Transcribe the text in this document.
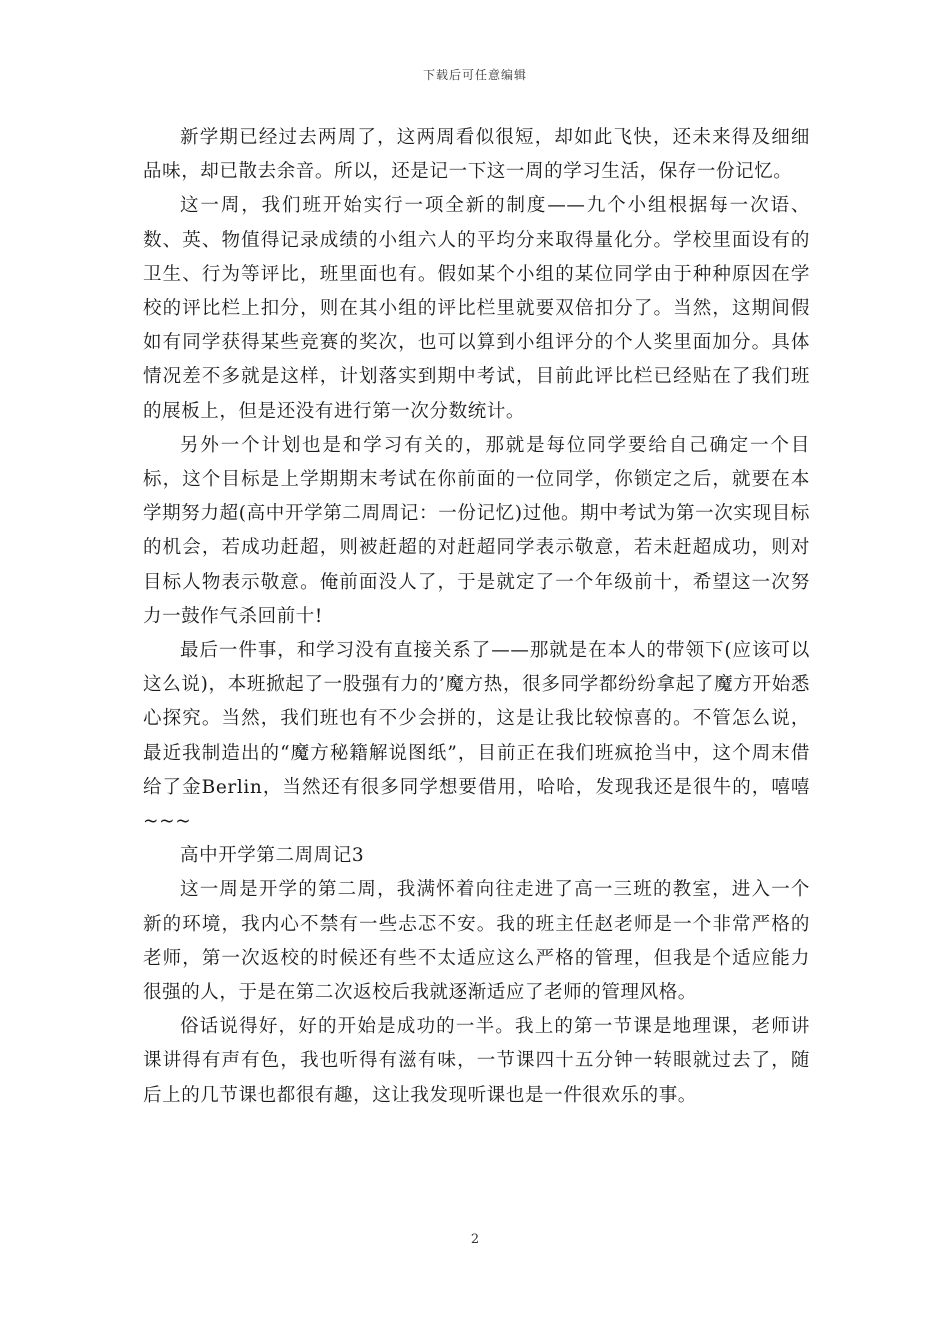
下载后可任意编辑

新学期已经过去两周了，这两周看似很短，却如此飞快，还未来得及细细品味，却已散去余音。所以，还是记一下这一周的学习生活，保存一份记忆。

这一周，我们班开始实行一项全新的制度——九个小组根据每一次语、数、英、物值得记录成绩的小组六人的平均分来取得量化分。学校里面设有的卫生、行为等评比，班里面也有。假如某个小组的某位同学由于种种原因在学校的评比栏上扣分，则在其小组的评比栏里就要双倍扣分了。当然，这期间假如有同学获得某些竞赛的奖次，也可以算到小组评分的个人奖里面加分。具体情况差不多就是这样，计划落实到期中考试，目前此评比栏已经贴在了我们班的展板上，但是还没有进行第一次分数统计。

另外一个计划也是和学习有关的，那就是每位同学要给自己确定一个目标，这个目标是上学期期末考试在你前面的一位同学，你锁定之后，就要在本学期努力超(高中开学第二周周记：一份记忆)过他。期中考试为第一次实现目标的机会，若成功赶超，则被赶超的对赶超同学表示敬意，若未赶超成功，则对目标人物表示敬意。俺前面没人了，于是就定了一个年级前十，希望这一次努力一鼓作气杀回前十!

最后一件事，和学习没有直接关系了——那就是在本人的带领下(应该可以这么说)，本班掀起了一股强有力的’魔方热，很多同学都纷纷拿起了魔方开始悉心探究。当然，我们班也有不少会拼的，这是让我比较惊喜的。不管怎么说，最近我制造出的“魔方秘籍解说图纸”，目前正在我们班疯抢当中，这个周末借给了金Berlin，当然还有很多同学想要借用，哈哈，发现我还是很牛的，嘻嘻~~~

高中开学第二周周记3

这一周是开学的第二周，我满怀着向往走进了高一三班的教室，进入一个新的环境，我内心不禁有一些忐忑不安。我的班主任赵老师是一个非常严格的老师，第一次返校的时候还有些不太适应这么严格的管理，但我是个适应能力很强的人，于是在第二次返校后我就逐渐适应了老师的管理风格。

俗话说得好，好的开始是成功的一半。我上的第一节课是地理课，老师讲课讲得有声有色，我也听得有滋有味，一节课四十五分钟一转眼就过去了，随后上的几节课也都很有趣，这让我发现听课也是一件很欢乐的事。

2
